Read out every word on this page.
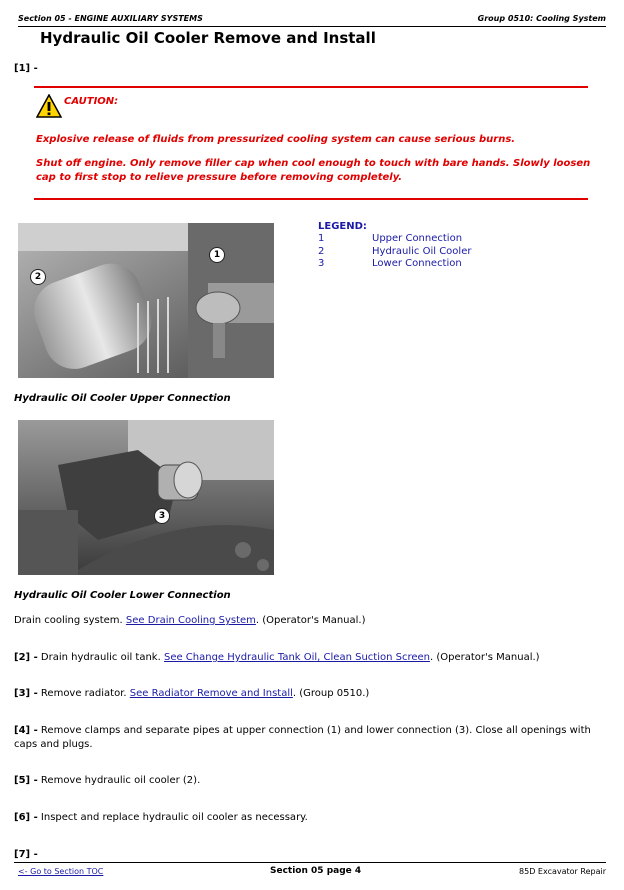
Section 05 - ENGINE AUXILIARY SYSTEMS	Group 0510: Cooling System
Hydraulic Oil Cooler Remove and Install
[1] -
CAUTION:
Explosive release of fluids from pressurized cooling system can cause serious burns.
Shut off engine. Only remove filler cap when cool enough to touch with bare hands. Slowly loosen cap to first stop to relieve pressure before removing completely.
1
2
LEGEND:
1	Upper Connection
2	Hydraulic Oil Cooler
3	Lower Connection
Hydraulic Oil Cooler Upper Connection
3
Hydraulic Oil Cooler Lower Connection
Drain cooling system. See Drain Cooling System. (Operator's Manual.)
[2] - Drain hydraulic oil tank. See Change Hydraulic Tank Oil, Clean Suction Screen. (Operator's Manual.)
[3] - Remove radiator. See Radiator Remove and Install. (Group 0510.)
[4] - Remove clamps and separate pipes at upper connection (1) and lower connection (3). Close all openings with caps and plugs.
[5] - Remove hydraulic oil cooler (2).
[6] - Inspect and replace hydraulic oil cooler as necessary.
[7] -
<- Go to Section TOC	Section 05 page 4	85D Excavator Repair
